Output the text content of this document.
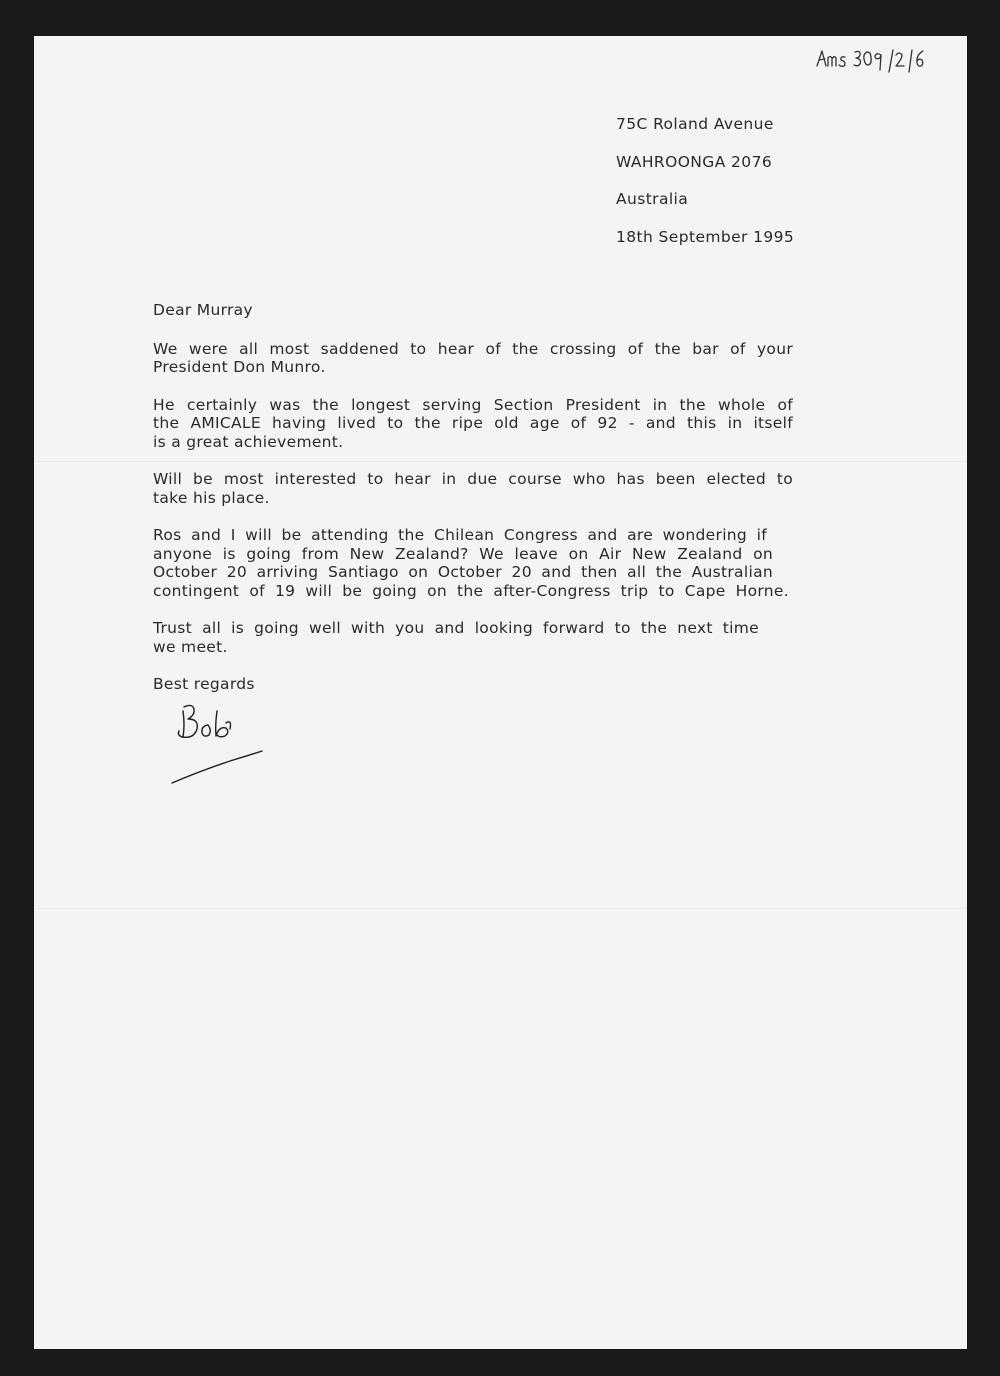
75C Roland Avenue
WAHROONGA 2076
Australia
18th September 1995
Dear Murray
We were all most saddened to hear of the crossing of the bar of your
President Don Munro.
He certainly was the longest serving Section President in the whole of
the AMICALE having lived to the ripe old age of 92 - and this in itself
is a great achievement.
Will be most interested to hear in due course who has been elected to
take his place.
Ros and I will be attending the Chilean Congress and are wondering if
anyone is going from New Zealand? We leave on Air New Zealand on
October 20 arriving Santiago on October 20 and then all the Australian
contingent of 19 will be going on the after-Congress trip to Cape Horne.
Trust all is going well with you and looking forward to the next time
we meet.
Best regards
